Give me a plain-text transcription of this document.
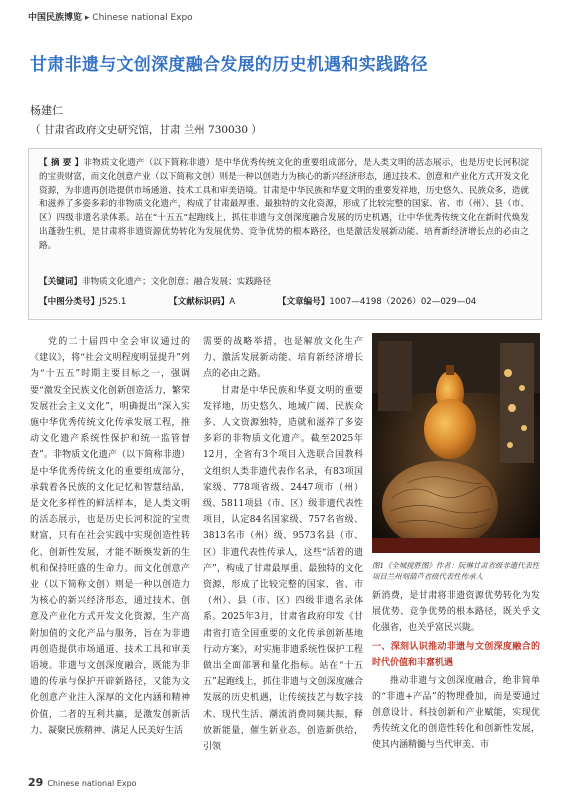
中国民族博览 ▸ Chinese national Expo
甘肃非遗与文创深度融合发展的历史机遇和实践路径
杨建仁
（ 甘肃省政府文史研究馆，甘肃 兰州 730030 ）
【 摘 要 】非物质文化遗产（以下简称非遗）是中华优秀传统文化的重要组成部分，是人类文明的活态展示，也是历史长河积淀的宝贵财富，而文化创意产业（以下简称文创）则是一种以创造力为核心的新兴经济形态，通过技术、创意和产业化方式开发文化资源，为非遗再创造提供市场通道、技术工具和审美语境。甘肃是中华民族和华夏文明的重要发祥地，历史悠久、民族众多，造就和滋养了多姿多彩的非物质文化遗产，构成了甘肃最厚重、最独特的文化资源，形成了比较完整的国家、省、市（州）、县（市、区）四级非遗名录体系。站在“十五五”起跑线上，抓住非遗与文创深度融合发展的历史机遇，让中华优秀传统文化在新时代焕发出蓬勃生机，是甘肃将非遗资源优势转化为发展优势、竞争优势的根本路径，也是激活发展新动能、培育新经济增长点的必由之路。
【关键词】非物质文化遗产；文化创意；融合发展；实践路径
【中图分类号】J525.1	【文献标识码】A	【文章编号】1007—4198（2026）02—029—04
党的二十届四中全会审议通过的《建议》，将“社会文明程度明显提升”列为“十五五”时期主要目标之一，强调要“激发全民族文化创新创造活力，繁荣发展社会主义文化”，明确提出“深入实施中华优秀传统文化传承发展工程，推动文化遗产系统性保护和统一监管督查”。非物质文化遗产（以下简称非遗）是中华优秀传统文化的重要组成部分，承载着各民族的文化记忆和智慧结晶，是文化多样性的鲜活样本，是人类文明的活态展示，也是历史长河积淀的宝贵财富，只有在社会实践中实现创造性转化、创新性发展，才能不断焕发新的生机和保持旺盛的生命力。而文化创意产业（以下简称文创）则是一种以创造力为核心的新兴经济形态，通过技术、创意及产业化方式开发文化资源，生产高附加值的文化产品与服务，旨在为非遗再创造提供市场通道、技术工具和审美语境。非遗与文创深度融合，既能为非遗的传承与保护开辟新路径，又能为文化创意产业注入深厚的文化内涵和精神价值，二者的互利共赢，是激发创新活力、凝聚民族精神、满足人民美好生活

需要的战略举措，也是解放文化生产力、激活发展新动能、培育新经济增长点的必由之路。

甘肃是中华民族和华夏文明的重要发祥地，历史悠久、地域广阔、民族众多、人文资源独特，造就和滋养了多姿多彩的非物质文化遗产。截至2025年12月，全省有3个项目入选联合国教科文组织人类非遗代表作名录，有83项国家级、778项省级、2447项市（州）级、5811项县（市、区）级非遗代表性项目，认定84名国家级、757名省级、3813名市（州）级、9573名县（市、区）非遗代表性传承人，这些“活着的遗产”，构成了甘肃最厚重、最独特的文化资源，形成了比较完整的国家、省、市（州）、县（市、区）四级非遗名录体系。2025年3月，甘肃省政府印发《甘肃省打造全国重要的文化传承创新基地行动方案》，对实施非遗系统性保护工程做出全面部署和量化指标。站在“十五五”起跑线上，抓住非遗与文创深度融合发展的历史机遇，让传统技艺与数字技术、现代生活、潮流消费同频共振，释放新能量，催生新业态，创造新供给，引领

图1《全城搅胜图》作者：阮琳甘肃省级非遗代表性项目兰州刻葫芦省级代表性传承人

新消费，是甘肃将非遗资源优势转化为发展优势、竞争优势的根本路径，既关乎文化强省，也关乎富民兴陇。

一、深刻认识推动非遗与文创深度融合的时代价值和丰富机遇

推动非遗与文创深度融合，绝非简单的“非遗+产品”的物理叠加，而是要通过创意设计、科技创新和产业赋能，实现优秀传统文化的创造性转化和创新性发展，使其内涵精髓与当代审美、市

29 Chinese national Expo
